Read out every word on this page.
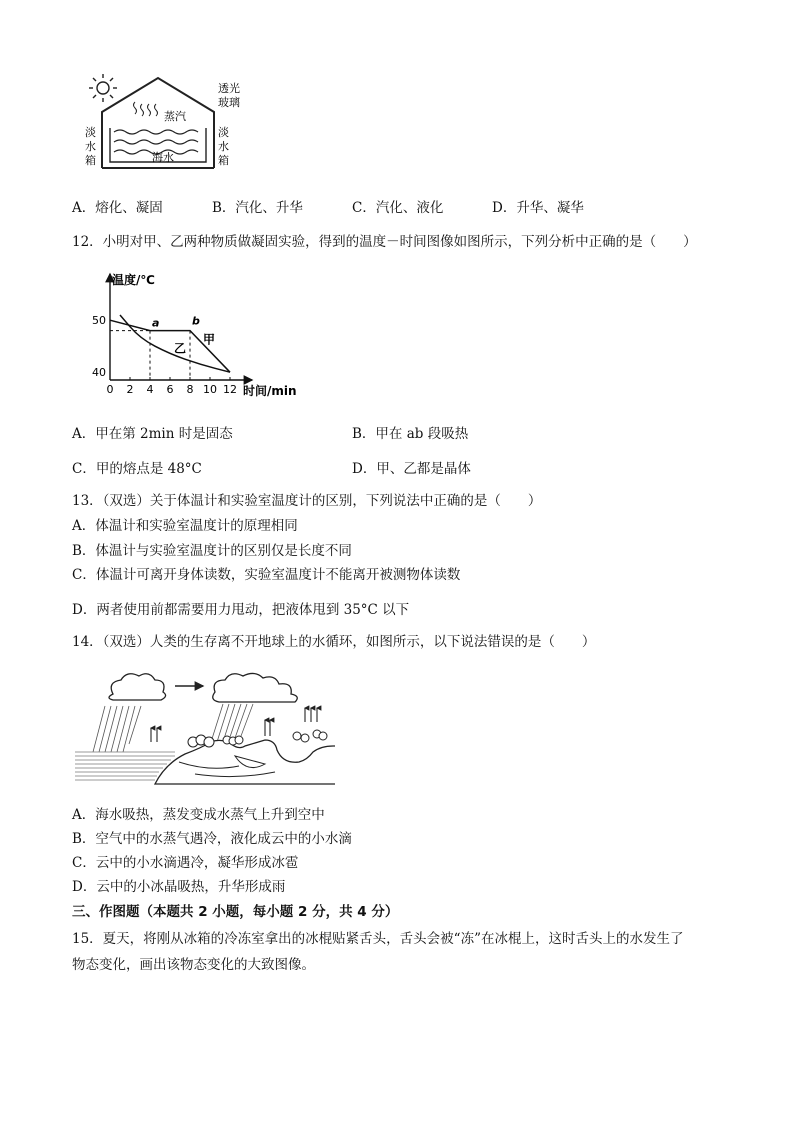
蒸汽
海水
透光
玻璃
淡
水
箱
淡
水
箱
A．熔化、凝固	B．汽化、升华	C．汽化、液化	D．升华、凝华
12．小明对甲、乙两种物质做凝固实验，得到的温度－时间图像如图所示，下列分析中正确的是（　　）
温度/℃
时间/min
0 2 4 6 8 10 12
40
50	a	b
甲
乙
A．甲在第 2min 时是固态	B．甲在 ab 段吸热
C．甲的熔点是 48°C	D．甲、乙都是晶体
13．（双选）关于体温计和实验室温度计的区别，下列说法中正确的是（　　）
A．体温计和实验室温度计的原理相同
B．体温计与实验室温度计的区别仅是长度不同
C．体温计可离开身体读数，实验室温度计不能离开被测物体读数
D．两者使用前都需要用力甩动，把液体甩到 35°C 以下
14．（双选）人类的生存离不开地球上的水循环，如图所示，以下说法错误的是（　　）
A．海水吸热，蒸发变成水蒸气上升到空中
B．空气中的水蒸气遇冷，液化成云中的小水滴
C．云中的小水滴遇冷，凝华形成冰雹
D．云中的小冰晶吸热，升华形成雨
三、作图题（本题共 2 小题，每小题 2 分，共 4 分）
15．夏天，将刚从冰箱的冷冻室拿出的冰棍贴紧舌头，舌头会被“冻”在冰棍上，这时舌头上的水发生了
物态变化，画出该物态变化的大致图像。
